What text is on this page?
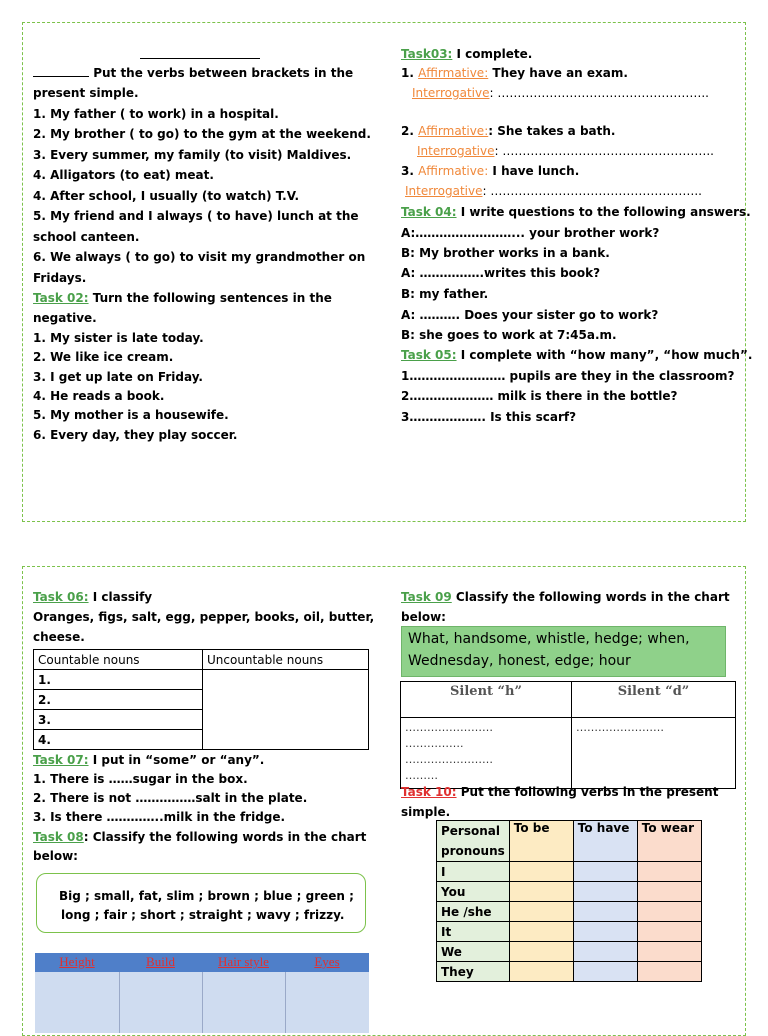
Put the verbs between brackets in the
present simple.
1. My father ( to work) in a hospital.
2. My brother ( to go) to the gym at the weekend.
3. Every summer, my family (to visit) Maldives.
4. Alligators (to eat) meat.
4. After school, I usually (to watch) T.V.
5. My friend and I always ( to have) lunch at the
school canteen.
6. We always ( to go) to visit my grandmother on
Fridays.
Task 02: Turn the following sentences in the
negative.
1. My sister is late today.
2. We like ice cream.
3. I get up late on Friday.
4. He reads a book.
5. My mother is a housewife.
6. Every day, they play soccer.
Task03: I complete.
1. Affirmative: They have an exam.
Interrogative: ……………………………………………..
2. Affirmative:: She takes a bath.
Interrogative: ……………………………………………..
3. Affirmative: I have lunch.
Interrogative: ……………………………………………..
Task 04: I write questions to the following answers.
A:……………………... your brother work?
B: My brother works in a bank.
A: …………….writes this book?
B: my father.
A: ………. Does your sister go to work?
B: she goes to work at 7:45a.m.
Task 05: I complete with “how many”, “how much”.
1…………………… pupils are they in the classroom?
2………………… milk is there in the bottle?
3………………. Is this scarf?
Task 06: I classify
Oranges, figs, salt, egg, pepper, books, oil, butter,
cheese.
Countable nouns	Uncountable nouns
1.	
2.	
3.	
4.	
Task 07: I put in “some” or “any”.
1. There is ……sugar in the box.
2. There is not ……………salt in the plate.
3. Is there …………..milk in the fridge.
Task 08: Classify the following words in the chart
below:
Big ; small, fat, slim ; brown ; blue ; green ;
long ; fair ; short ; straight ; wavy ; frizzy.
Height	Build	Hair style	Eyes
Task 09 Classify the following words in the chart
below:
What, handsome, whistle, hedge; when,
Wednesday, honest, edge; hour
Silent “h”	Silent “d”

……………………
…………….
……………………
………	……………………
Task 10: Put the following verbs in the present
simple.
Personal pronouns	To be	To have	To wear
I			
You			
He /she			
It			
We			
They			
